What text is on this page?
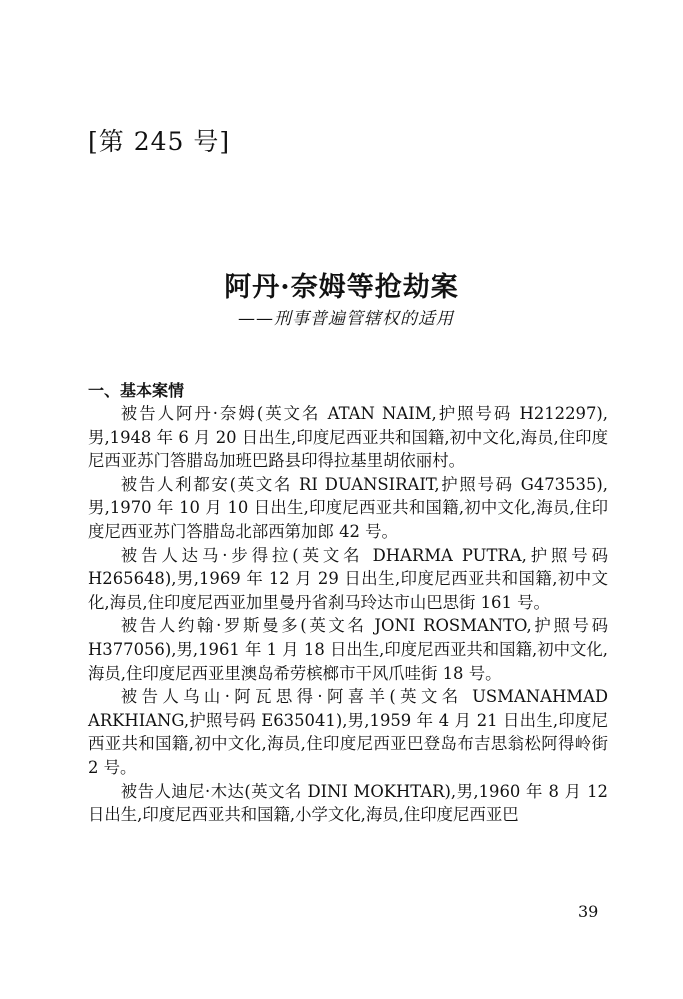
[第 245 号]
阿丹·奈姆等抢劫案
——刑事普遍管辖权的适用
一、基本案情

被告人阿丹·奈姆(英文名 ATAN NAIM,护照号码 H212297),男,1948 年 6 月 20 日出生,印度尼西亚共和国籍,初中文化,海员,住印度尼西亚苏门答腊岛加班巴路县印得拉基里胡依丽村。

被告人利都安(英文名 RI DUANSIRAIT,护照号码 G473535),男,1970 年 10 月 10 日出生,印度尼西亚共和国籍,初中文化,海员,住印度尼西亚苏门答腊岛北部西第加郎 42 号。

被告人达马·步得拉(英文名 DHARMA PUTRA,护照号码 H265648),男,1969 年 12 月 29 日出生,印度尼西亚共和国籍,初中文化,海员,住印度尼西亚加里曼丹省刹马玲达市山巴思街 161 号。

被告人约翰·罗斯曼多(英文名 JONI ROSMANTO,护照号码 H377056),男,1961 年 1 月 18 日出生,印度尼西亚共和国籍,初中文化,海员,住印度尼西亚里澳岛希劳槟榔市干风爪哇街 18 号。

被告人乌山·阿瓦思得·阿喜羊(英文名 USMANAHMAD ARKHIANG,护照号码 E635041),男,1959 年 4 月 21 日出生,印度尼西亚共和国籍,初中文化,海员,住印度尼西亚巴登岛布吉思翁松阿得岭街 2 号。

被告人迪尼·木达(英文名 DINI MOKHTAR),男,1960 年 8 月 12 日出生,印度尼西亚共和国籍,小学文化,海员,住印度尼西亚巴

39
